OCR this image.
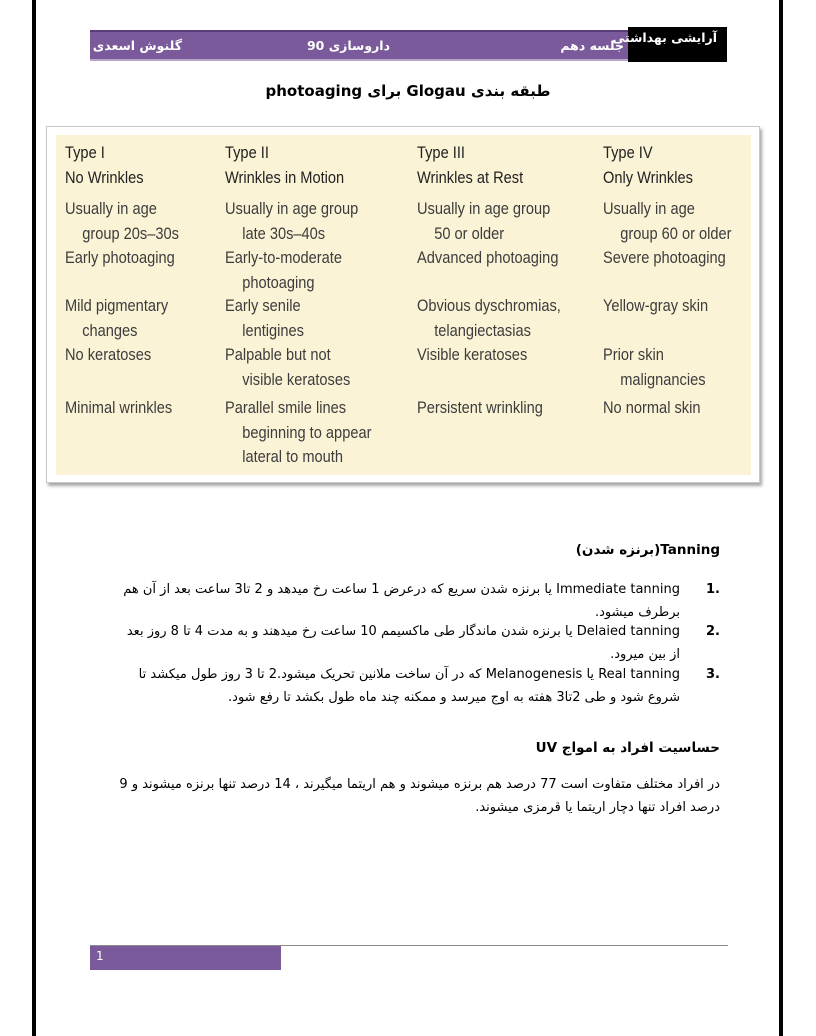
جلسه دهم
داروسازی 90
گلنوش اسعدی
آرایشی بهداشتی
طبقه بندی Glogau برای photoaging
Type I
No Wrinkles
Usually in age
group 20s–30s
Early photoaging
Mild pigmentary
changes
No keratoses
Minimal wrinkles
Type II
Wrinkles in Motion
Usually in age group
late 30s–40s
Early-to-moderate
photoaging
Early senile
lentigines
Palpable but not
visible keratoses
Parallel smile lines
beginning to appear
lateral to mouth
Type III
Wrinkles at Rest
Usually in age group
50 or older
Advanced photoaging
Obvious dyschromias,
telangiectasias
Visible keratoses
Persistent wrinkling
Type IV
Only Wrinkles
Usually in age
group 60 or older
Severe photoaging
Yellow-gray skin
Prior skin
malignancies
No normal skin
Tanning(برنزه شدن)
1.
Immediate tanning یا برنزه شدن سریع که درعرض 1 ساعت رخ میدهد و 2 تا3 ساعت بعد از آن هم برطرف میشود.
2.
Delaied tanning یا برنزه شدن ماندگار طی ماکسیمم 10 ساعت رخ میدهند و به مدت 4 تا 8 روز بعد از بین میرود.
3.
Real tanning یا Melanogenesis که در آن ساخت ملانین تحریک میشود.2 تا 3 روز طول میکشد تا شروع شود و طی 2تا3 هفته به اوج میرسد و ممکنه چند ماه طول بکشد تا رفع شود.
حساسیت افراد به امواج UV
در افراد مختلف متفاوت است 77 درصد هم برنزه میشوند و هم اریتما میگیرند ، 14 درصد تنها برنزه میشوند و 9 درصد افراد تنها دچار اریتما یا قرمزی میشوند.
1
